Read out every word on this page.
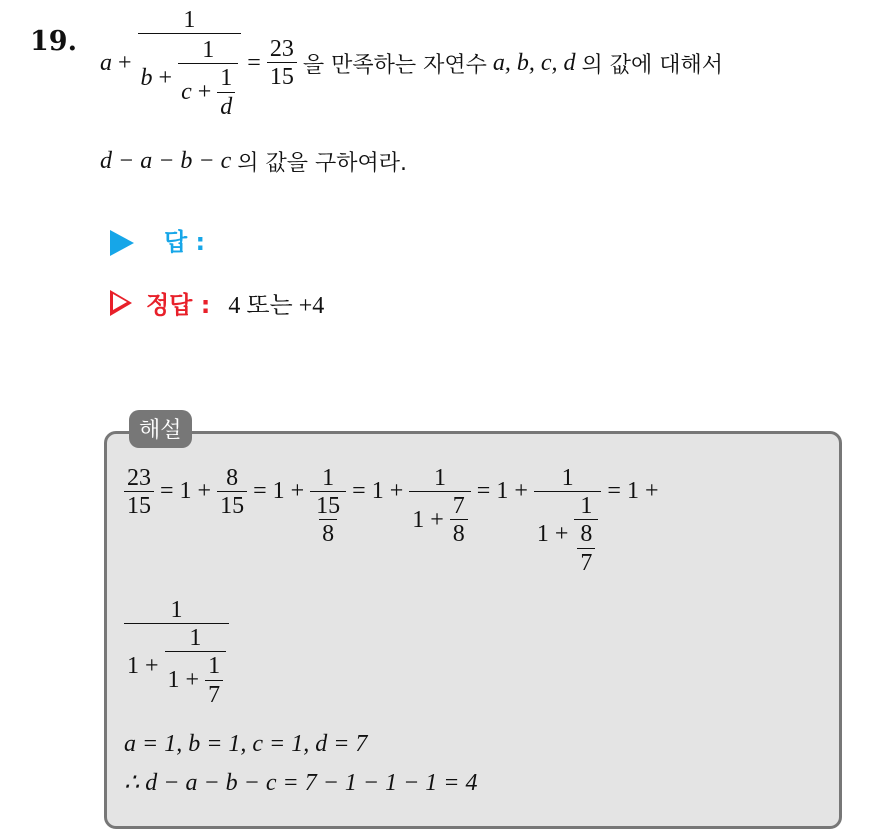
19.
$a + \frac{1}{b + \frac{1}{c + \frac{1}{d}}} = \frac{23}{15}$
을 만족하는 자연수
a, b, c, d
의 값에 대해서
d − a − b − c
의 값을 구하여라.
답 :
정답 : 4 또는 +4
해설
$\frac{23}{15} = 1 + \frac{8}{15} = 1 + \frac{1}{\frac{15}{8}} = 1 + \frac{1}{1 + \frac{7}{8}} = 1 + \frac{1}{1 + \frac{1}{\frac{8}{7}}} = 1$ +
$\frac{1}{1 + \frac{1}{1 + \frac{1}{7}}}$
a = 1, b = 1, c = 1, d = 7
∴ d − a − b − c = 7 − 1 − 1 − 1 = 4
